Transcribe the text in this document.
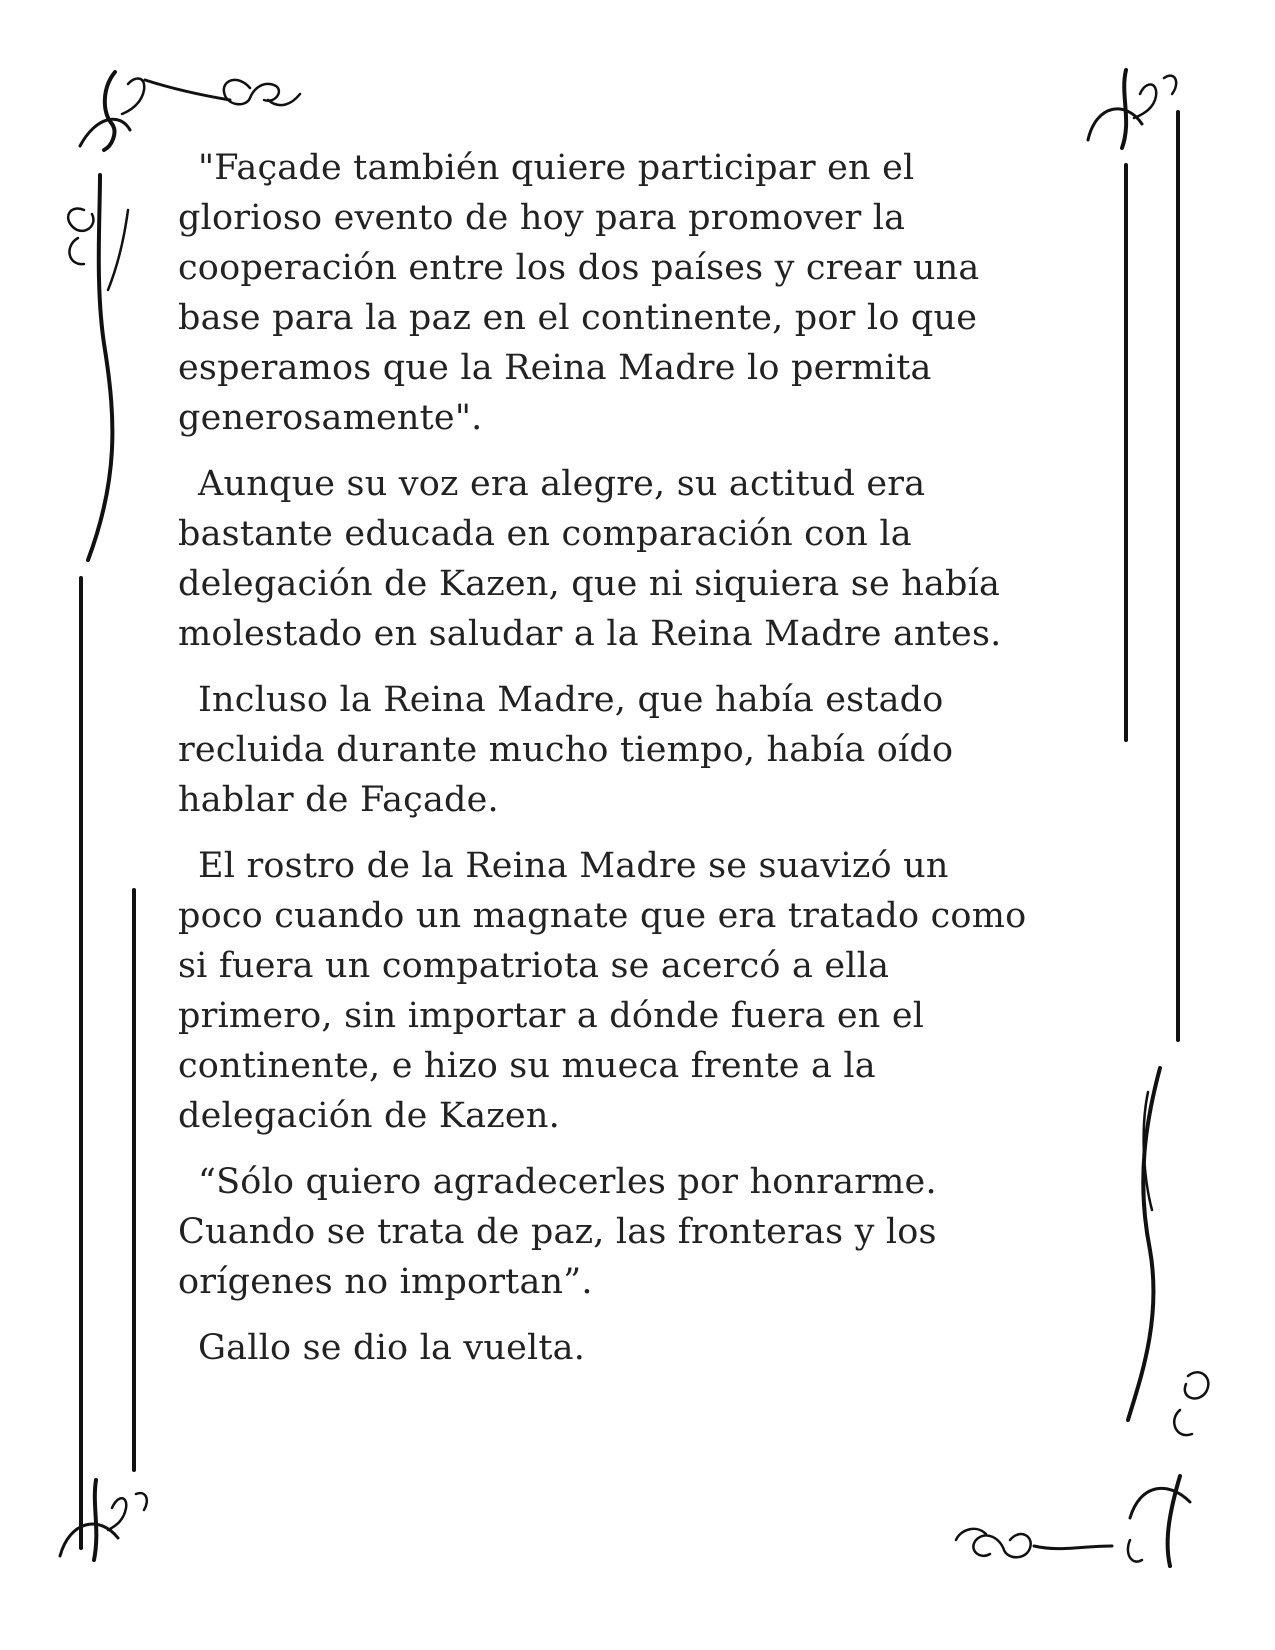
"Façade también quiere participar en el
glorioso evento de hoy para promover la
cooperación entre los dos países y crear una
base para la paz en el continente, por lo que
esperamos que la Reina Madre lo permita
generosamente".
Aunque su voz era alegre, su actitud era
bastante educada en comparación con la
delegación de Kazen, que ni siquiera se había
molestado en saludar a la Reina Madre antes.
Incluso la Reina Madre, que había estado
recluida durante mucho tiempo, había oído
hablar de Façade.
El rostro de la Reina Madre se suavizó un
poco cuando un magnate que era tratado como
si fuera un compatriota se acercó a ella
primero, sin importar a dónde fuera en el
continente, e hizo su mueca frente a la
delegación de Kazen.
“Sólo quiero agradecerles por honrarme.
Cuando se trata de paz, las fronteras y los
orígenes no importan”.
Gallo se dio la vuelta.
